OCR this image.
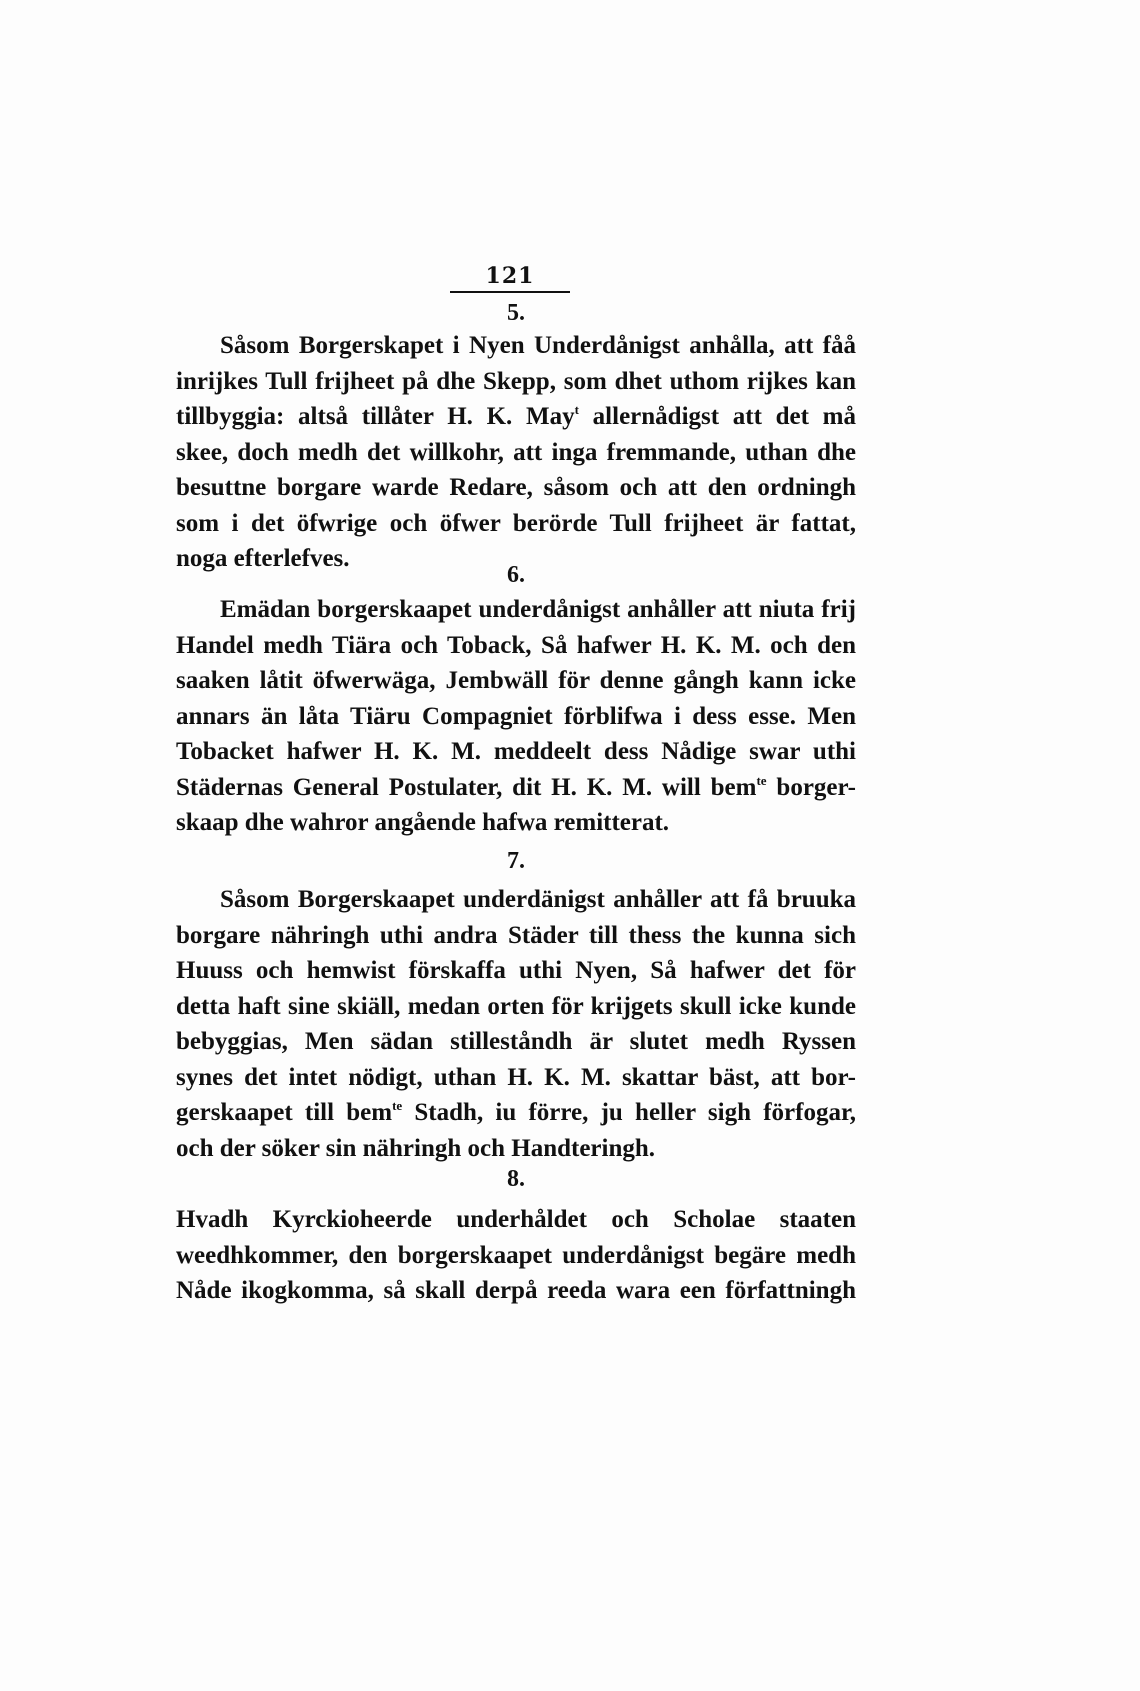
121

5.

Såsom Borgerskapet i Nyen Underdånigst anhålla, att fåå
inrijkes Tull frijheet på dhe Skepp, som dhet uthom rijkes kan
tillbyggia: altså tillåter H. K. May$^t$ allernådigst att det må
skee, doch medh det willkohr, att inga fremmande, uthan dhe
besuttne borgare warde Redare, såsom och att den ordningh
som i det öfwrige och öfwer berörde Tull frijheet är fattat,
noga efterlefves.

6.

Emädan borgerskaapet underdånigst anhåller att niuta frij
Handel medh Tiära och Toback, Så hafwer H. K. M. och den
saaken låtit öfwerwäga, Jembwäll för denne gångh kann icke
annars än låta Tiäru Compagniet förblifwa i dess esse. Men
Tobacket hafwer H. K. M. meddeelt dess Nådige swar uthi
Städernas General Postulater, dit H. K. M. will bem$^{te}$ borger-
skaap dhe wahror angående hafwa remitterat.

7.

Såsom Borgerskaapet underdänigst anhåller att få bruuka
borgare nähringh uthi andra Städer till thess the kunna sich
Huuss och hemwist förskaffa uthi Nyen, Så hafwer det för
detta haft sine skiäll, medan orten för krijgets skull icke kunde
bebyggias, Men sädan stilleståndh är slutet medh Ryssen
synes det intet nödigt, uthan H. K. M. skattar bäst, att bor-
gerskaapet till bem$^{te}$ Stadh, iu förre, ju heller sigh förfogar,
och der söker sin nähringh och Handteringh.

8.

Hvadh Kyrckioheerde underhåldet och Scholae staaten
weedhkommer, den borgerskaapet underdånigst begäre medh
Nåde ikogkomma, så skall derpå reeda wara een författningh
